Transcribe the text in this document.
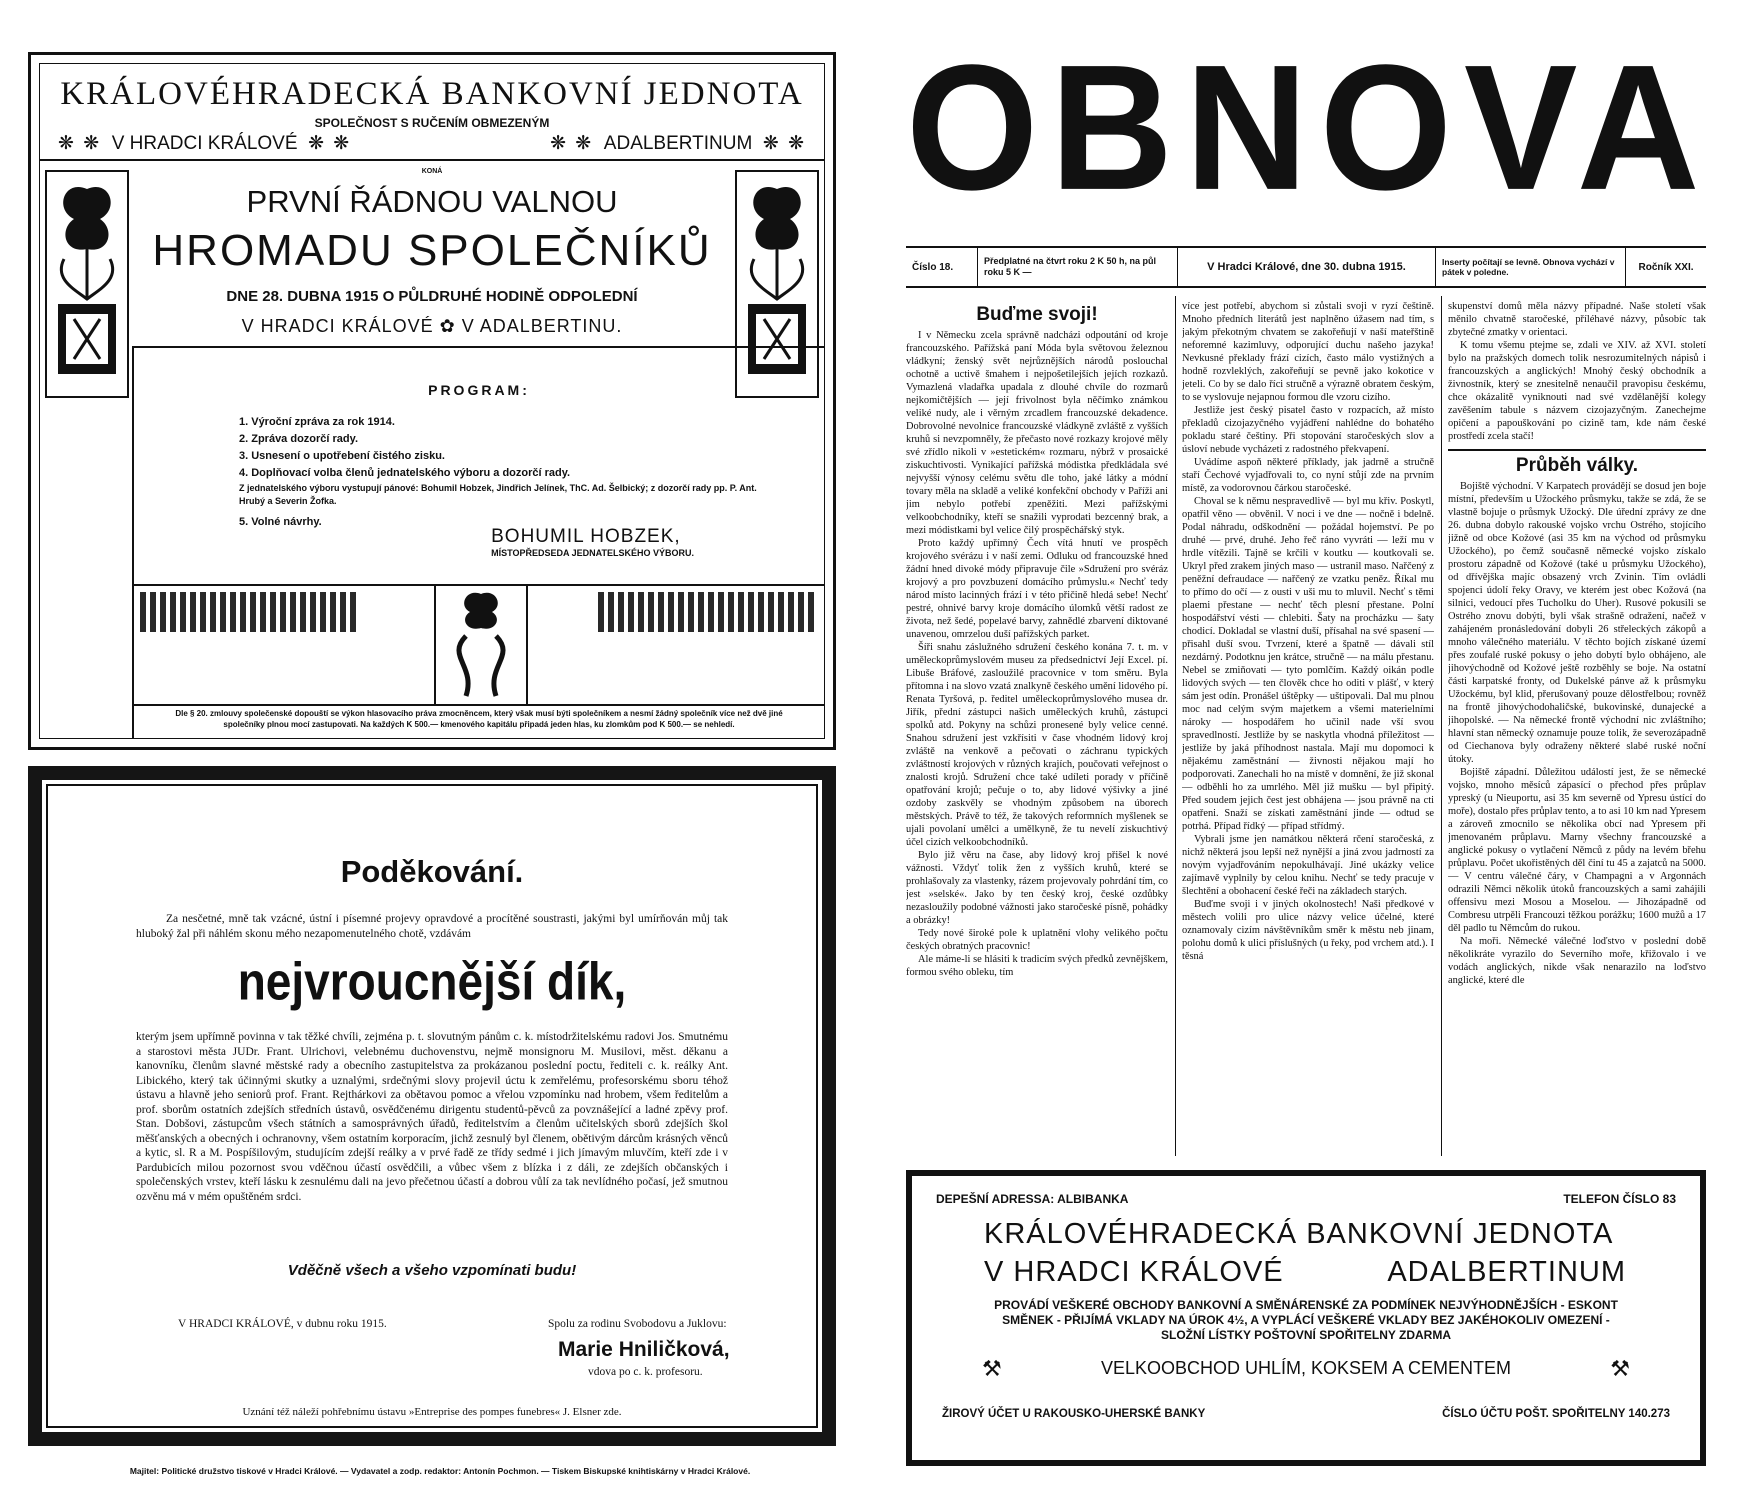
KRÁLOVÉHRADECKÁ BANKOVNÍ JEDNOTA
SPOLEČNOST S RUČENÍM OBMEZENÝM
❋ ❋ V HRADCI KRÁLOVÉ ❋ ❋	❋ ❋ ADALBERTINUM ❋ ❋
KONÁ
PRVNÍ ŘÁDNOU VALNOU
HROMADU SPOLEČNÍKŮ
DNE 28. DUBNA 1915 O PŮLDRUHÉ HODINĚ ODPOLEDNÍ
V HRADCI KRÁLOVÉ ✿ V ADALBERTINU.
PROGRAM:
1. Výroční zpráva za rok 1914.
2. Zpráva dozorčí rady.
3. Usnesení o upotřebení čistého zisku.
4. Doplňovací volba členů jednatelského výboru a dozorčí rady.
Z jednatelského výboru vystupují pánové: Bohumil Hobzek, Jindřich Jelínek, ThC. Ad. Šelbický; z dozorčí rady pp. P. Ant. Hrubý a Severin Žofka.
5. Volné návrhy.
BOHUMIL HOBZEK,
MÍSTOPŘEDSEDA JEDNATELSKÉHO VÝBORU.
Dle § 20. zmlouvy společenské dopouští se výkon hlasovacího práva zmocněncem, který však musí býti společníkem a nesmí žádný společník více než dvě jiné společníky plnou mocí zastupovati. Na každých K 500.— kmenového kapitálu připadá jeden hlas, ku zlomkům pod K 500.— se nehledí.
Poděkování.
Za nesčetné, mně tak vzácné, ústní i písemné projevy opravdové a procítěné soustrasti, jakými byl umírňován můj tak hluboký žal při náhlém skonu mého nezapomenutelného chotě, vzdávám
nejvroucnější dík,
kterým jsem upřímně povinna v tak těžké chvíli, zejména p. t. slovutným pánům c. k. místodržitelskému radovi Jos. Smutnému a starostovi města JUDr. Frant. Ulrichovi, velebnému duchovenstvu, nejmě monsignoru M. Musilovi, měst. děkanu a kanovníku, členům slavné městské rady a obecního zastupitelstva za prokázanou poslední poctu, řediteli c. k. reálky Ant. Libického, který tak účinnými skutky a uznalými, srdečnými slovy projevil úctu k zemřelému, profesorskému sboru téhož ústavu a hlavně jeho seniorů prof. Frant. Rejthárkovi za obětavou pomoc a vřelou vzpomínku nad hrobem, všem ředitelům a prof. sborům ostatních zdejších středních ústavů, osvědčenému dirigentu studentů-pěvců za povznášející a ladné zpěvy prof. Stan. Dobšovi, zástupcům všech státních a samosprávných úřadů, ředitelstvím a členům učitelských sborů zdejších škol měšťanských a obecných i ochranovny, všem ostatním korporacím, jichž zesnulý byl členem, obětivým dárcům krásných věnců a kytic, sl. R a M. Pospíšilovým, studujícím zdejší reálky a v prvé řadě ze třídy sedmé i jich jímavým mluvčím, kteří zde i v Pardubicích milou pozornost svou vděčnou účastí osvědčili, a vůbec všem z blízka i z dáli, ze zdejších občanských i společenských vrstev, kteří lásku k zesnulému dali na jevo přečetnou účastí a dobrou vůlí za tak nevlídného počasí, jež smutnou ozvěnu má v mém opuštěném srdci.
Vděčně všech a všeho vzpomínati budu!
V HRADCI KRÁLOVÉ, v dubnu roku 1915.	Spolu za rodinu Svobodovu a Juklovu:
Marie Hniličková,
vdova po c. k. profesoru.
Uznání též náleží pohřebnímu ústavu »Entreprise des pompes funebres« J. Elsner zde.
Majitel: Politické družstvo tiskové v Hradci Králové. — Vydavatel a zodp. redaktor: Antonín Pochmon. — Tiskem Biskupské knihtiskárny v Hradci Králové.
OBNOVA
Číslo 18.
Předplatné na čtvrt roku 2 K 50 h, na půl roku 5 K —	V Hradci Králové, dne 30. dubna 1915.	Inserty počítají se levně. Obnova vychází v pátek v poledne.	Ročník XXI.
Buďme svoji!

I v Německu zcela správně nadcházi odpoutání od kroje francouzského. Pařížská paní Móda byla světovou železnou vládkyní; ženský svět nejrůznějších národů poslouchal ochotně a uctivě šmahem i nejpošetilejších jejích rozkazů. Vymazlená vladařka upadala z dlouhé chvíle do rozmarů nejkomičtějších — její frivolnost byla něčímko známkou veliké nudy, ale i věrným zrcadlem francouzské dekadence. Dobrovolné nevolnice francouzské vládkyně zvláště z vyšších kruhů si nevzpomněly, že přečasto nové rozkazy krojové měly své zřídlo nikoli v »estetickém« rozmaru, nýbrž v prosaické ziskuchtivosti. Vynikající pařížská módistka předkládala své nejvyšší výnosy celému světu dle toho, jaké látky a módní tovary měla na skladě a veliké konfekční obchody v Paříži ani jim nebylo potřebí zpeněžiti. Mezi pařížskými velkoobchodníky, kteří se snažili vyprodati bezcenný brak, a mezi módistkami byl velice čilý prospěchářský styk.

Proto každý upřímný Čech vítá hnutí ve prospěch krojového svérázu i v naší zemi. Odluku od francouzské hned žádní hned divoké módy připravuje čile »Sdružení pro svéráz krojový a pro povzbuzení domácího průmyslu.« Nechť tedy národ místo lacinných frází i v této přičině hledá sebe! Nechť pestré, ohnivé barvy kroje domácího úlomků větší radost ze života, než šedé, popelavé barvy, zahnědlé zbarvení diktované unavenou, omrzelou duší pařížských parket.

Šíři snahu záslužného sdružení českého konána 7. t. m. v uměleckoprůmyslovém museu za předsednictví Její Excel. pí. Libuše Bráfové, zasloužilé pracovnice v tom směru. Byla přítomna i na slovo vzatá znalkyně českého umění lidového pí. Renata Tyršová, p. ředitel uměleckoprůmyslového musea dr. Jiřík, přední zástupci našich uměleckých kruhů, zástupci spolků atd. Pokyny na schůzi pronesené byly velice cenné. Snahou sdružení jest vzkřísiti v čase vhodném lidový kroj zvláště na venkově a pečovati o záchranu typických zvláštností krojových v různých krajích, poučovati veřejnost o znalosti krojů. Sdružení chce také udíleti porady v příčině opatřování krojů; pečuje o to, aby lidové výšivky a jiné ozdoby zaskvěly se vhodným způsobem na úborech městských. Právě to též, že takových reformních myšlenek se ujali povolaní umělci a umělkyně, že tu nevelí ziskuchtivý účel cizích velkoobchodníků.

Bylo již věru na čase, aby lidový kroj přišel k nové vážnosti. Vždyť tolik žen z vyšších kruhů, které se prohlašovaly za vlastenky, rázem projevovaly pohrdání tím, co jest »selské«. Jako by ten český kroj, české ozdůbky nezasloužily podobné vážnosti jako staročeské písně, pohádky a obrázky!

Tedy nové široké pole k uplatnění vlohy velikého počtu českých obratných pracovnic!

Ale máme-li se hlásiti k tradicím svých předků zevnějškem, formou svého obleku, tím

více jest potřebí, abychom si zůstali svoji v ryzí češtině. Mnoho předních literátů jest naplněno úžasem nad tím, s jakým překotným chvatem se zakořeňují v naší mateřštině neforemné kazimluvy, odporující duchu našeho jazyka! Nevkusné překlady frází cizích, často málo vystižných a hodně rozvleklých, zakořeňují se pevně jako kokotice v jeteli. Co by se dalo říci stručně a výrazně obratem českým, to se vyslovuje nejapnou formou dle vzoru cizího.

Jestliže jest český pisatel často v rozpacích, až místo překladů cizojazyčného vyjádření nahlédne do bohatého pokladu staré češtiny. Při stopování staročeských slov a úsloví nebude vycházeti z radostného překvapení.

Uvádíme aspoň některé příklady, jak jadrně a stručně staří Čechové vyjadřovali to, co nyní stůjí zde na prvním místě, za vodorovnou čárkou staročeské.

Choval se k němu nespravedlivě — byl mu křiv. Poskytl, opatřil věno — obvěnil. V noci i ve dne — nočně i bdelně. Podal náhradu, odškodnění — požádal hojemství. Pe po druhé — prvé, druhé. Jeho řeč ráno vyvráti — leží mu v hrdle vítězili. Tajně se krčili v koutku — koutkovali se. Ukryl před zrakem jiných maso — ustranil maso. Nařčený z peněžní defraudace — nařčený ze vzatku peněz. Říkal mu to přímo do očí — z ousti v uši mu to mluvil. Nechť s těmi plaemi přestane — nechť těch plesní přestane. Polní hospodářství vésti — chlebiti. Šaty na procházku — šaty chodicí. Dokladal se vlastní duší, přísahal na své spasení — přisahl duší svou. Tvrzení, které a špatně — dávali stíl nezdárný. Podotknu jen krátce, stručně — na málu přestanu. Nebel se zmiňovati — tyto pomlčím. Každý oikán podle lidových svých — ten člověk chce ho oditi v plášť, v který sám jest odín. Pronášel úštěpky — uštipovali. Dal mu plnou moc nad celým svým majetkem a všemi materielními nároky — hospodářem ho učinil nade vší svou spravedlností. Jestliže by se naskytla vhodná příležitost — jestliže by jaká příhodnost nastala. Mají mu dopomoci k nějakému zaměstnání — živnosti nějakou mají ho podporovati. Zanechali ho na místě v domnění, že již skonal — odběhli ho za umrlého. Měl již mušku — byl připitý. Před soudem jejich čest jest obhájena — jsou právně na cti opatřeni. Snaží se získati zaměstnání jinde — odtud se potrhá. Případ řídký — případ střídmý.

Vybrali jsme jen namátkou některá rčení staročeská, z nichž některá jsou lepší než nynější a jiná zvou jadrností za novým vyjadřováním nepokulhávají. Jiné ukázky velice zajímavě vyplnily by celou knihu. Nechť se tedy pracuje v šlechtění a obohacení české řeči na základech starých.

Buďme svoji i v jiných okolnostech! Naši předkové v městech volili pro ulice názvy velice účelné, které oznamovaly cizím návštěvníkům směr k městu neb jinam, polohu domů k ulici příslušných (u řeky, pod vrchem atd.). I těsná

skupenství domů měla názvy případné. Naše století však měnilo chvatně staročeské, příléhavé názvy, působíc tak zbytečné zmatky v orientaci.

K tomu všemu ptejme se, zdali ve XIV. až XVI. století bylo na pražských domech tolik nesrozumitelných nápisů i francouzských a anglických! Mnohý český obchodník a živnostník, který se znesitelně nenaučil pravopisu českému, chce okázalitě vyniknouti nad své vzdělanější kolegy zavěšením tabule s názvem cizojazyčným. Zanechejme opičení a papouškování po cizině tam, kde nám české prostředí zcela stačí!

Průběh války.

Bojiště východní. V Karpatech provádějí se dosud jen boje místní, především u Užockého průsmyku, takže se zdá, že se vlastně bojuje o průsmyk Užocký. Dle úřední zprávy ze dne 26. dubna dobylo rakouské vojsko vrchu Ostrého, stojícího jižně od obce Kožové (asi 35 km na východ od průsmyku Užockého), po čemž současně německé vojsko získalo prostoru západně od Kožové (také u průsmyku Užockého), od dřívějška majíc obsazený vrch Zvinin. Tím ovládli spojenci údolí řeky Oravy, ve kterém jest obec Kožová (na silnici, vedoucí přes Tucholku do Uher). Rusové pokusili se Ostrého znovu dobýti, byli však strašně odražení, načež v zahájeném pronásledování dobyli 26 střeleckých zákopů a mnoho válečného materiálu. V těchto bojích získané území přes zoufalé ruské pokusy o jeho dobytí bylo obhájeno, ale jihovýchodně od Kožové ještě rozběhly se boje. Na ostatní části karpatské fronty, od Dukelské pánve až k průsmyku Užockému, byl klid, přerušovaný pouze dělostřelbou; rovněž na frontě jihovýchodohaličské, bukovinské, dunajecké a jihopolské. — Na německé frontě východní nic zvláštního; hlavní stan německý oznamuje pouze tolik, že severozápadně od Ciechanova byly odraženy některé slabé ruské noční útoky.

Bojiště západní. Důležitou událostí jest, že se německé vojsko, mnoho měsíců zápasící o přechod přes průplav ypreský (u Nieuportu, asi 35 km severně od Ypresu ústící do moře), dostalo přes průplav tento, a to asi 10 km nad Ypresem a zároveň zmocnilo se několika obcí nad Ypresem při jmenovaném průplavu. Marny všechny francouzské a anglické pokusy o vytlačení Němců z půdy na levém břehu průplavu. Počet ukořistěných děl činí tu 45 a zajatců na 5000. — V centru válečné čáry, v Champagni a v Argonnách odrazili Němci několik útoků francouzských a sami zahájili offensivu mezi Mosou a Moselou. — Jihozápadně od Combresu utrpěli Francouzi těžkou porážku; 1600 mužů a 17 děl padlo tu Němcům do rukou.

Na moři. Německé válečné loďstvo v poslední době několikráte vyrazilo do Severního moře, křižovalo i ve vodách anglických, nikde však nenarazilo na loďstvo anglické, které dle

DEPEŠNÍ ADRESSA: ALBIBANKA	TELEFON ČÍSLO 83
KRÁLOVÉHRADECKÁ BANKOVNÍ JEDNOTA
V HRADCI KRÁLOVÉ	ADALBERTINUM
PROVÁDÍ VEŠKERÉ OBCHODY BANKOVNÍ A SMĚNÁRENSKÉ ZA PODMÍNEK NEJVÝHODNĚJŠÍCH - ESKONT SMĚNEK - PŘIJÍMÁ VKLADY NA ÚROK 4½, A VYPLÁCÍ VEŠKERÉ VKLADY BEZ JAKÉHOKOLIV OMEZENÍ - SLOŽNÍ LÍSTKY POŠTOVNÍ SPOŘITELNY ZDARMA
⚒	VELKOOBCHOD UHLÍM, KOKSEM A CEMENTEM	⚒
ŽIROVÝ ÚČET U RAKOUSKO-UHERSKÉ BANKY	ČÍSLO ÚČTU POŠT. SPOŘITELNY 140.273
